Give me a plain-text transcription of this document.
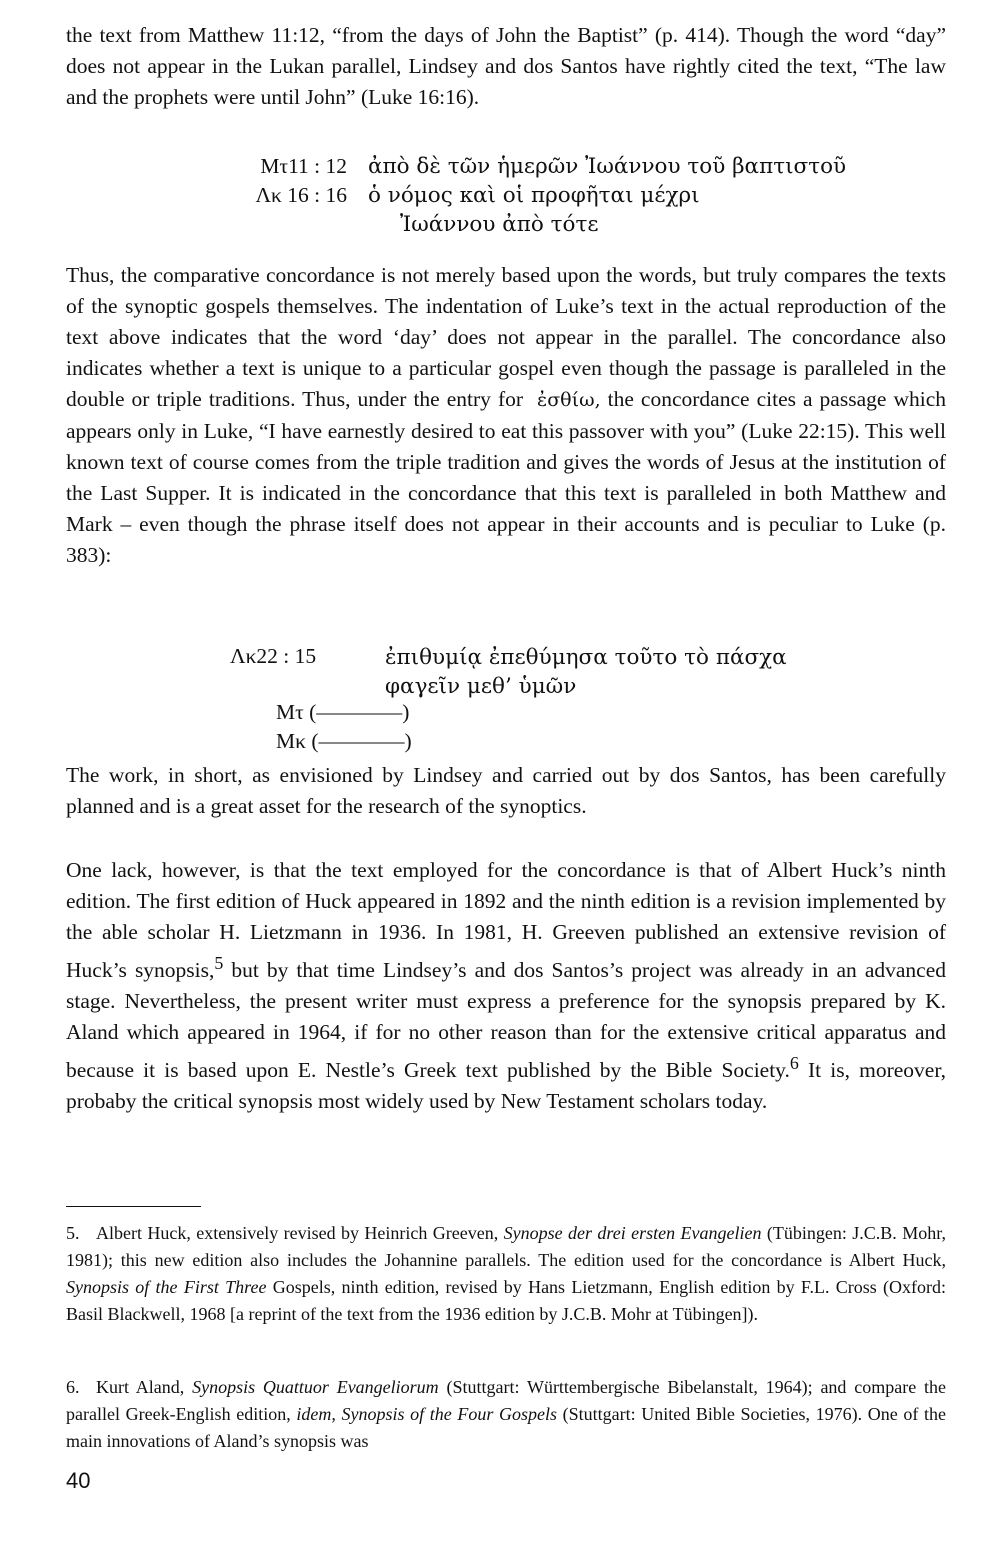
the text from Matthew 11:12, “from the days of John the Baptist” (p. 414). Though the word “day” does not appear in the Lukan parallel, Lindsey and dos Santos have rightly cited the text, “The law and the prophets were until John” (Luke 16:16).

Mτ11 : 12 ἀπὸ δὲ τῶν ἡμερῶν Ἰωάννου τοῦ βαπτιστοῦ
Λκ 16 : 16 ὁ νόμος καὶ οἱ προφῆται μέχρι
Ἰωάννου ἀπὸ τότε

Thus, the comparative concordance is not merely based upon the words, but truly compares the texts of the synoptic gospels themselves. The indentation of Luke’s text in the actual reproduction of the text above indicates that the word ‘day’ does not appear in the parallel. The concordance also indicates whether a text is unique to a particular gospel even though the passage is paralleled in the double or triple traditions. Thus, under the entry for ἐσθίω, the concordance cites a passage which appears only in Luke, “I have earnestly desired to eat this passover with you” (Luke 22:15). This well known text of course comes from the triple tradition and gives the words of Jesus at the institution of the Last Supper. It is indicated in the concordance that this text is paralleled in both Matthew and Mark – even though the phrase itself does not appear in their accounts and is peculiar to Luke (p. 383):

Λκ22 : 15	ἐπιθυμίᾳ ἐπεθύμησα τοῦτο τὸ πάσχα
φαγεῖν μεθ’ ὑμῶν
Mτ (————)
Mκ (————)

The work, in short, as envisioned by Lindsey and carried out by dos Santos, has been carefully planned and is a great asset for the research of the synoptics.

One lack, however, is that the text employed for the concordance is that of Albert Huck’s ninth edition. The first edition of Huck appeared in 1892 and the ninth edition is a revision implemented by the able scholar H. Lietzmann in 1936. In 1981, H. Greeven published an extensive revision of Huck’s synopsis,$^5$ but by that time Lindsey’s and dos Santos’s project was already in an advanced stage. Nevertheless, the present writer must express a preference for the synopsis prepared by K. Aland which appeared in 1964, if for no other reason than for the extensive critical apparatus and because it is based upon E. Nestle’s Greek text published by the Bible Society.$^6$ It is, moreover, probaby the critical synopsis most widely used by New Testament scholars today.

5. Albert Huck, extensively revised by Heinrich Greeven, Synopse der drei ersten Evangelien (Tübingen: J.C.B. Mohr, 1981); this new edition also includes the Johannine parallels. The edition used for the concordance is Albert Huck, Synopsis of the First Three Gospels, ninth edition, revised by Hans Lietzmann, English edition by F.L. Cross (Oxford: Basil Blackwell, 1968 [a reprint of the text from the 1936 edition by J.C.B. Mohr at Tübingen]).

6. Kurt Aland, Synopsis Quattuor Evangeliorum (Stuttgart: Württembergische Bibelanstalt, 1964); and compare the parallel Greek-English edition, idem, Synopsis of the Four Gospels (Stuttgart: United Bible Societies, 1976). One of the main innovations of Aland’s synopsis was

40
